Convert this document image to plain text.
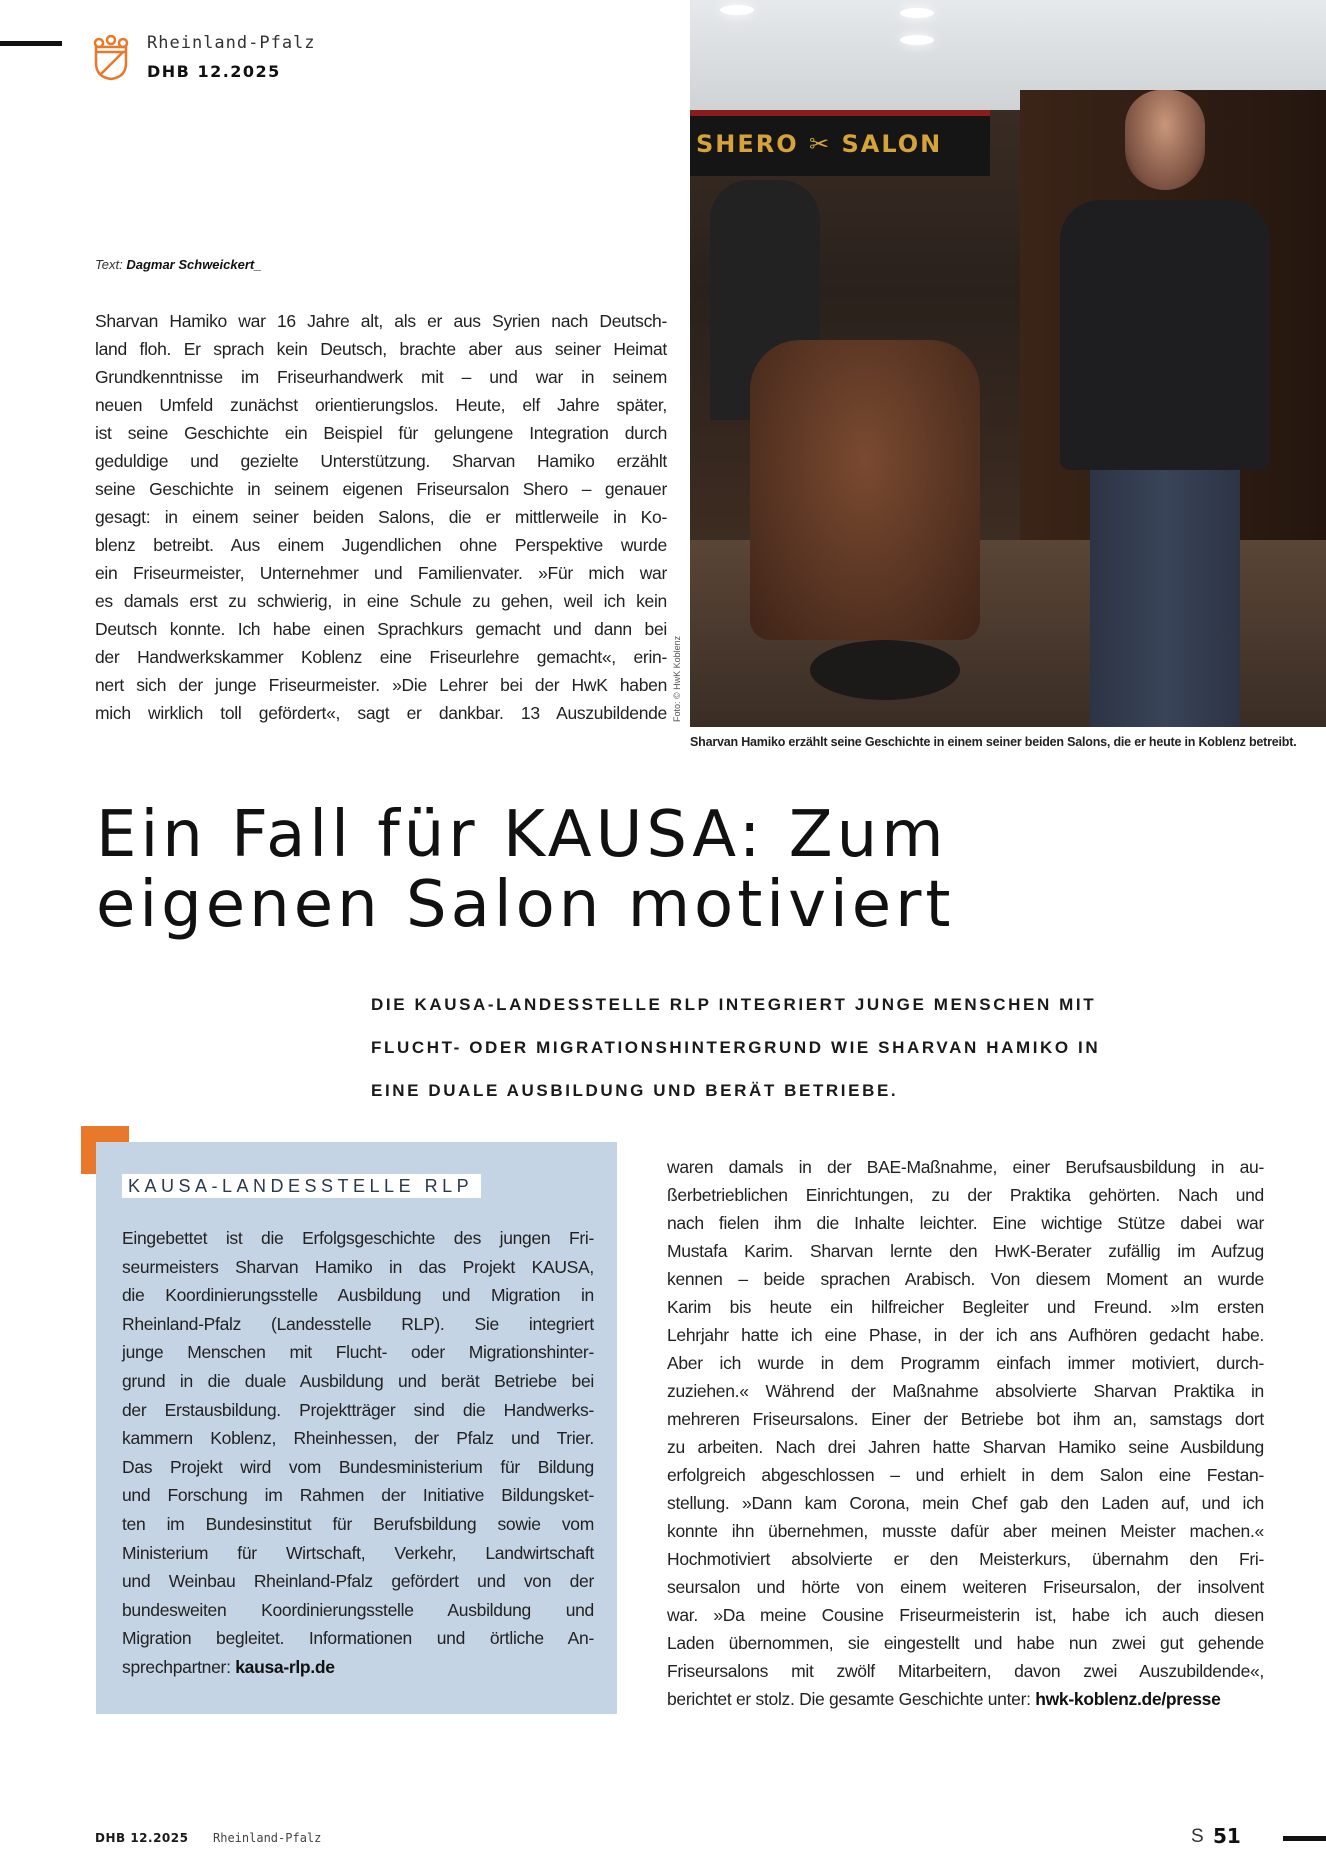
Rheinland-Pfalz
DHB 12.2025
Text: Dagmar Schweickert_
Sharvan Hamiko war 16 Jahre alt, als er aus Syrien nach Deutsch-
land floh. Er sprach kein Deutsch, brachte aber aus seiner Heimat
Grundkenntnisse im Friseurhandwerk mit – und war in seinem
neuen Umfeld zunächst orientierungslos. Heute, elf Jahre später,
ist seine Geschichte ein Beispiel für gelungene Integration durch
geduldige und gezielte Unterstützung. Sharvan Hamiko erzählt
seine Geschichte in seinem eigenen Friseursalon Shero – genauer
gesagt: in einem seiner beiden Salons, die er mittlerweile in Ko-
blenz betreibt. Aus einem Jugendlichen ohne Perspektive wurde
ein Friseurmeister, Unternehmer und Familienvater. »Für mich war
es damals erst zu schwierig, in eine Schule zu gehen, weil ich kein
Deutsch konnte. Ich habe einen Sprachkurs gemacht und dann bei
der Handwerkskammer Koblenz eine Friseurlehre gemacht«, erin-
nert sich der junge Friseurmeister. »Die Lehrer bei der HwK haben
mich wirklich toll gefördert«, sagt er dankbar. 13 Auszubildende
SHERO ✂ SALON
Foto: © HwK Koblenz
Sharvan Hamiko erzählt seine Geschichte in einem seiner beiden Salons, die er heute in Koblenz betreibt.
Ein Fall für KAUSA: Zum
eigenen Salon motiviert
DIE KAUSA-LANDESSTELLE RLP INTEGRIERT JUNGE MENSCHEN MIT
FLUCHT- ODER MIGRATIONSHINTERGRUND WIE SHARVAN HAMIKO IN
EINE DUALE AUSBILDUNG UND BERÄT BETRIEBE.
KAUSA-LANDESSTELLE RLP
Eingebettet ist die Erfolgsgeschichte des jungen Fri-
seurmeisters Sharvan Hamiko in das Projekt KAUSA,
die Koordinierungsstelle Ausbildung und Migration in
Rheinland-Pfalz (Landesstelle RLP). Sie integriert
junge Menschen mit Flucht- oder Migrationshinter-
grund in die duale Ausbildung und berät Betriebe bei
der Erstausbildung. Projektträger sind die Handwerks-
kammern Koblenz, Rheinhessen, der Pfalz und Trier.
Das Projekt wird vom Bundesministerium für Bildung
und Forschung im Rahmen der Initiative Bildungsket-
ten im Bundesinstitut für Berufsbildung sowie vom
Ministerium für Wirtschaft, Verkehr, Landwirtschaft
und Weinbau Rheinland-Pfalz gefördert und von der
bundesweiten Koordinierungsstelle Ausbildung und
Migration begleitet. Informationen und örtliche An-
sprechpartner: kausa-rlp.de
waren damals in der BAE-Maßnahme, einer Berufsausbildung in au-
ßerbetrieblichen Einrichtungen, zu der Praktika gehörten. Nach und
nach fielen ihm die Inhalte leichter. Eine wichtige Stütze dabei war
Mustafa Karim. Sharvan lernte den HwK-Berater zufällig im Aufzug
kennen – beide sprachen Arabisch. Von diesem Moment an wurde
Karim bis heute ein hilfreicher Begleiter und Freund. »Im ersten
Lehrjahr hatte ich eine Phase, in der ich ans Aufhören gedacht habe.
Aber ich wurde in dem Programm einfach immer motiviert, durch-
zuziehen.« Während der Maßnahme absolvierte Sharvan Praktika in
mehreren Friseursalons. Einer der Betriebe bot ihm an, samstags dort
zu arbeiten. Nach drei Jahren hatte Sharvan Hamiko seine Ausbildung
erfolgreich abgeschlossen – und erhielt in dem Salon eine Festan-
stellung. »Dann kam Corona, mein Chef gab den Laden auf, und ich
konnte ihn übernehmen, musste dafür aber meinen Meister machen.«
Hochmotiviert absolvierte er den Meisterkurs, übernahm den Fri-
seursalon und hörte von einem weiteren Friseursalon, der insolvent
war. »Da meine Cousine Friseurmeisterin ist, habe ich auch diesen
Laden übernommen, sie eingestellt und habe nun zwei gut gehende
Friseursalons mit zwölf Mitarbeitern, davon zwei Auszubildende«,
berichtet er stolz. Die gesamte Geschichte unter: hwk-koblenz.de/presse
DHB 12.2025 Rheinland-Pfalz	S 51
